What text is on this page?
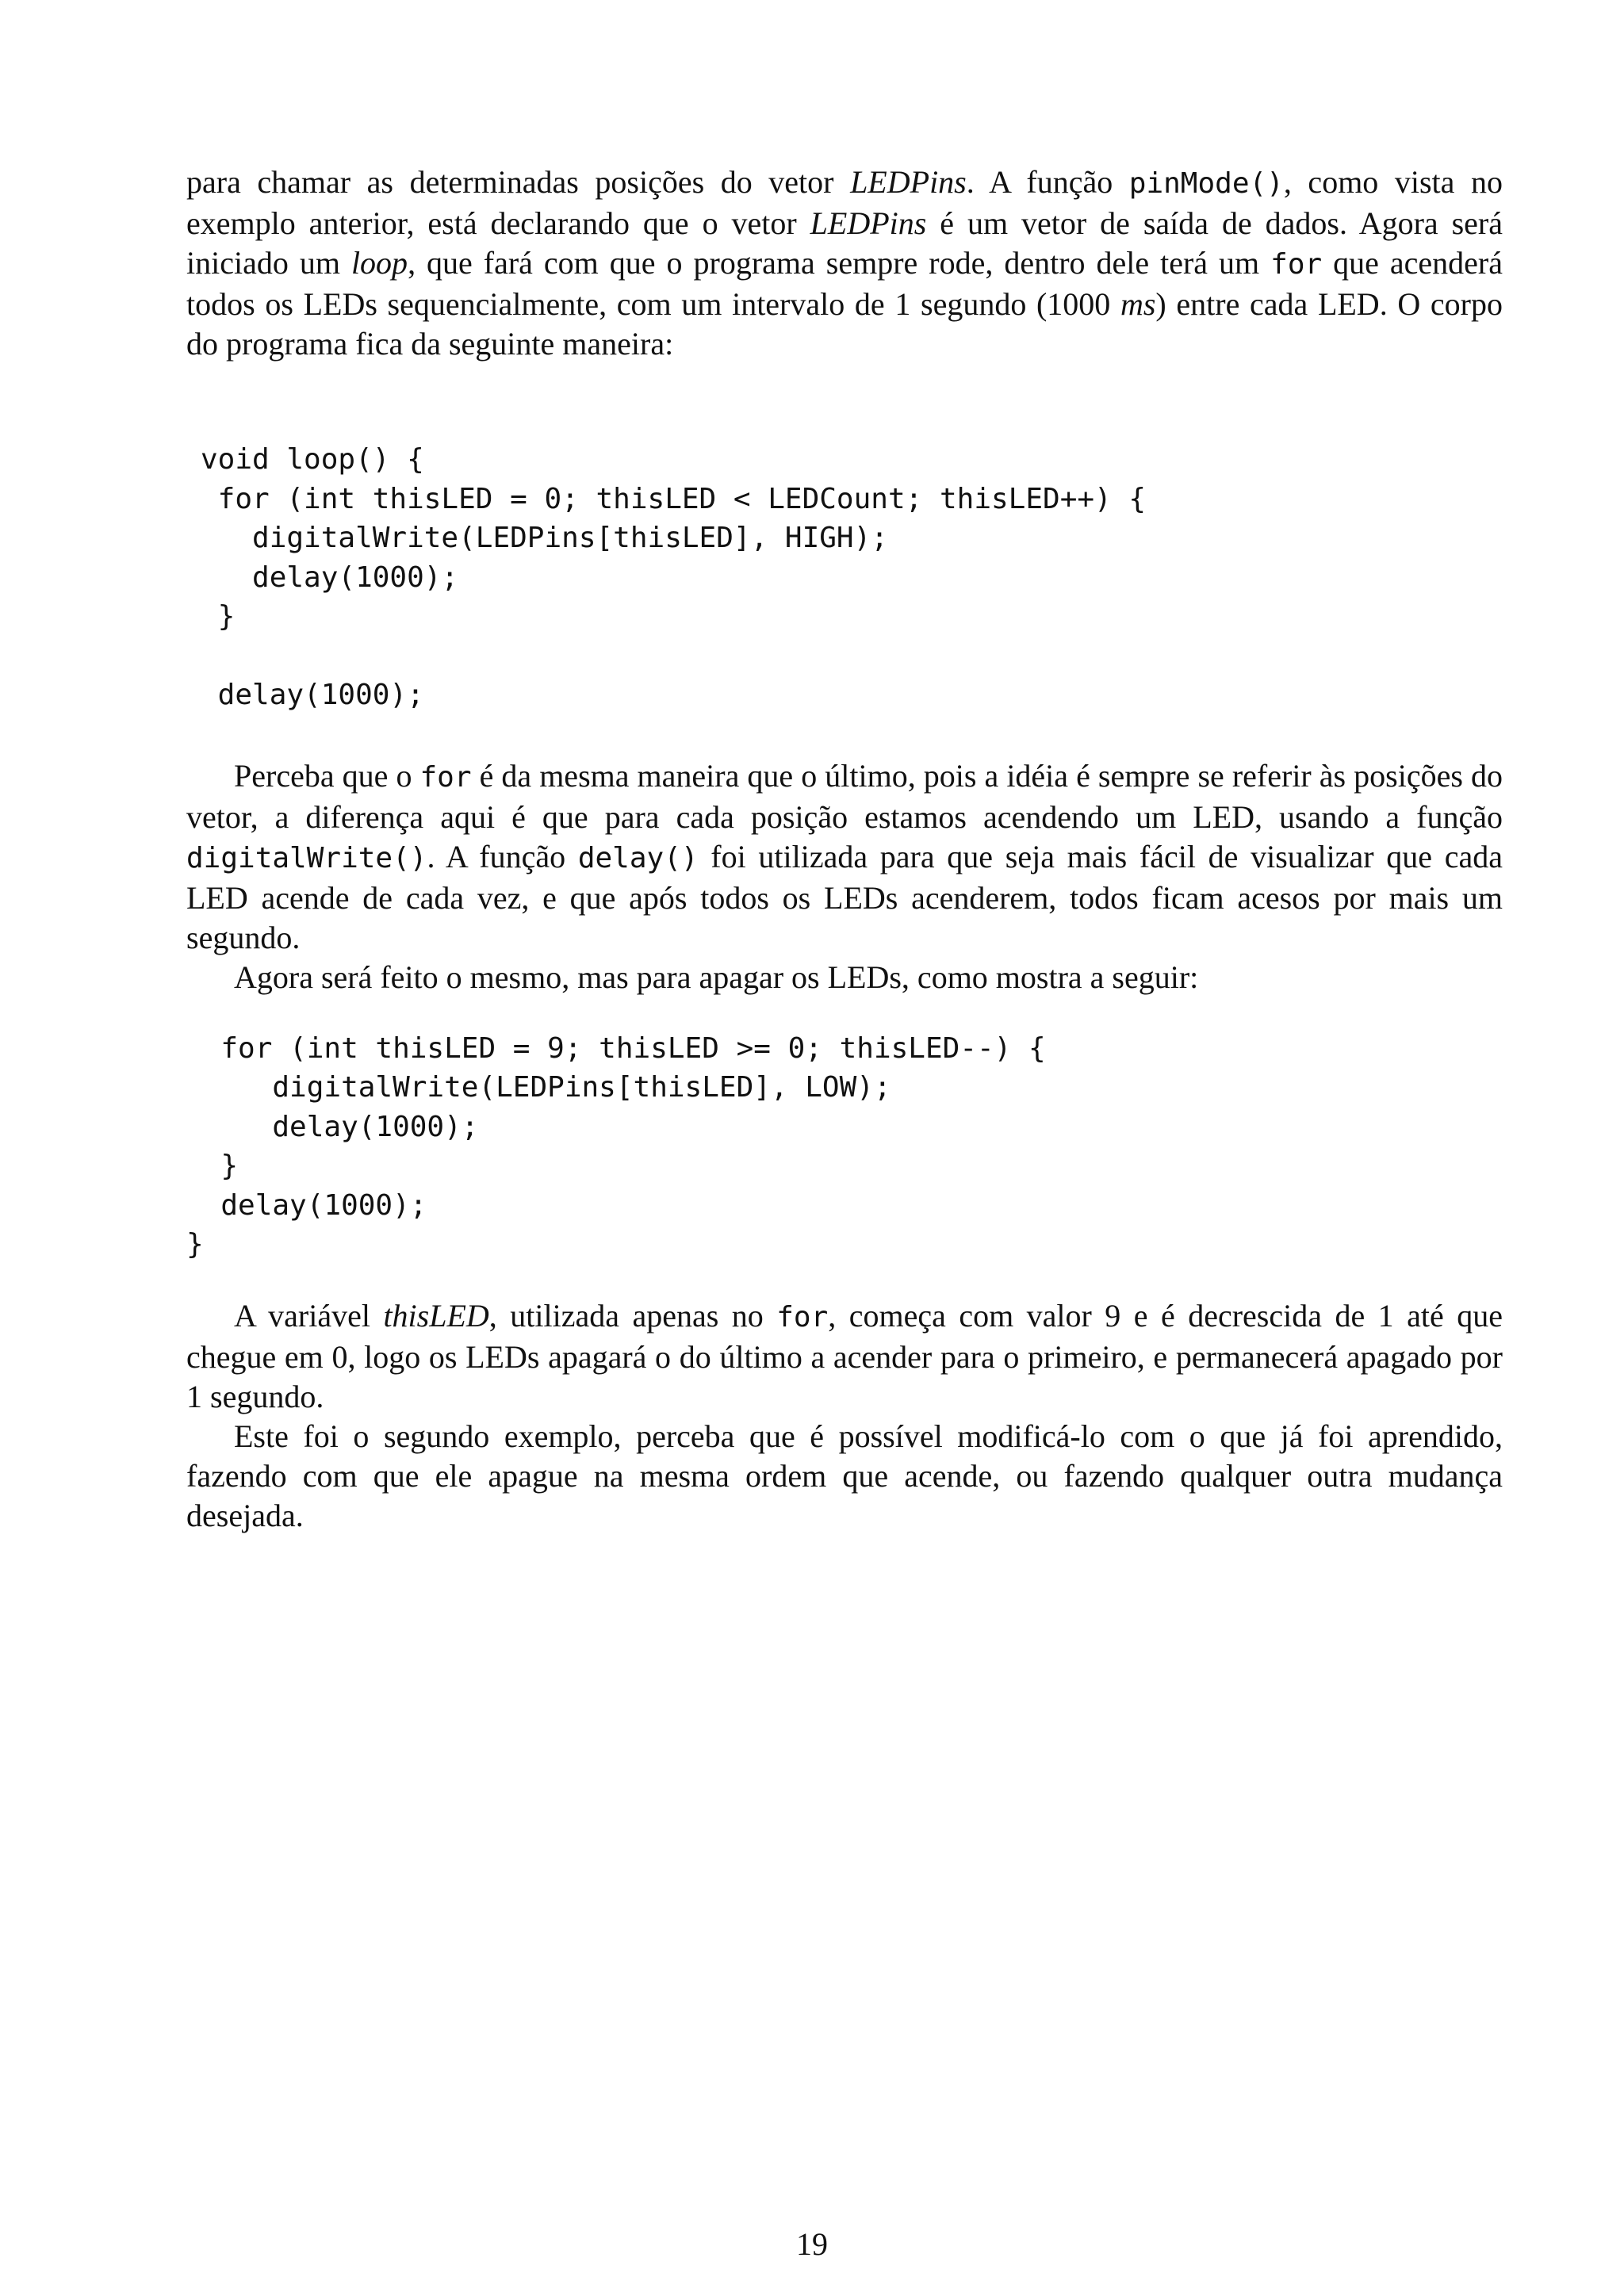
para chamar as determinadas posições do vetor LEDPins. A função pinMode(), como vista no exemplo anterior, está declarando que o vetor LEDPins é um vetor de saída de dados. Agora será iniciado um loop, que fará com que o programa sempre rode, dentro dele terá um for que acenderá todos os LEDs sequencialmente, com um intervalo de 1 segundo (1000 ms) entre cada LED. O corpo do programa fica da seguinte maneira:

void loop() {
for (int thisLED = 0; thisLED < LEDCount; thisLED++) {
digitalWrite(LEDPins[thisLED], HIGH);
delay(1000);
}

delay(1000);

Perceba que o for é da mesma maneira que o último, pois a idéia é sempre se referir às posições do vetor, a diferença aqui é que para cada posição estamos acendendo um LED, usando a função digitalWrite(). A função delay() foi utilizada para que seja mais fácil de visualizar que cada LED acende de cada vez, e que após todos os LEDs acenderem, todos ficam acesos por mais um segundo.

Agora será feito o mesmo, mas para apagar os LEDs, como mostra a seguir:

for (int thisLED = 9; thisLED >= 0; thisLED--) {
digitalWrite(LEDPins[thisLED], LOW);
delay(1000);
}
delay(1000);
}

A variável thisLED, utilizada apenas no for, começa com valor 9 e é decrescida de 1 até que chegue em 0, logo os LEDs apagará o do último a acender para o primeiro, e permanecerá apagado por 1 segundo.

Este foi o segundo exemplo, perceba que é possível modificá-lo com o que já foi aprendido, fazendo com que ele apague na mesma ordem que acende, ou fazendo qualquer outra mudança desejada.

19
